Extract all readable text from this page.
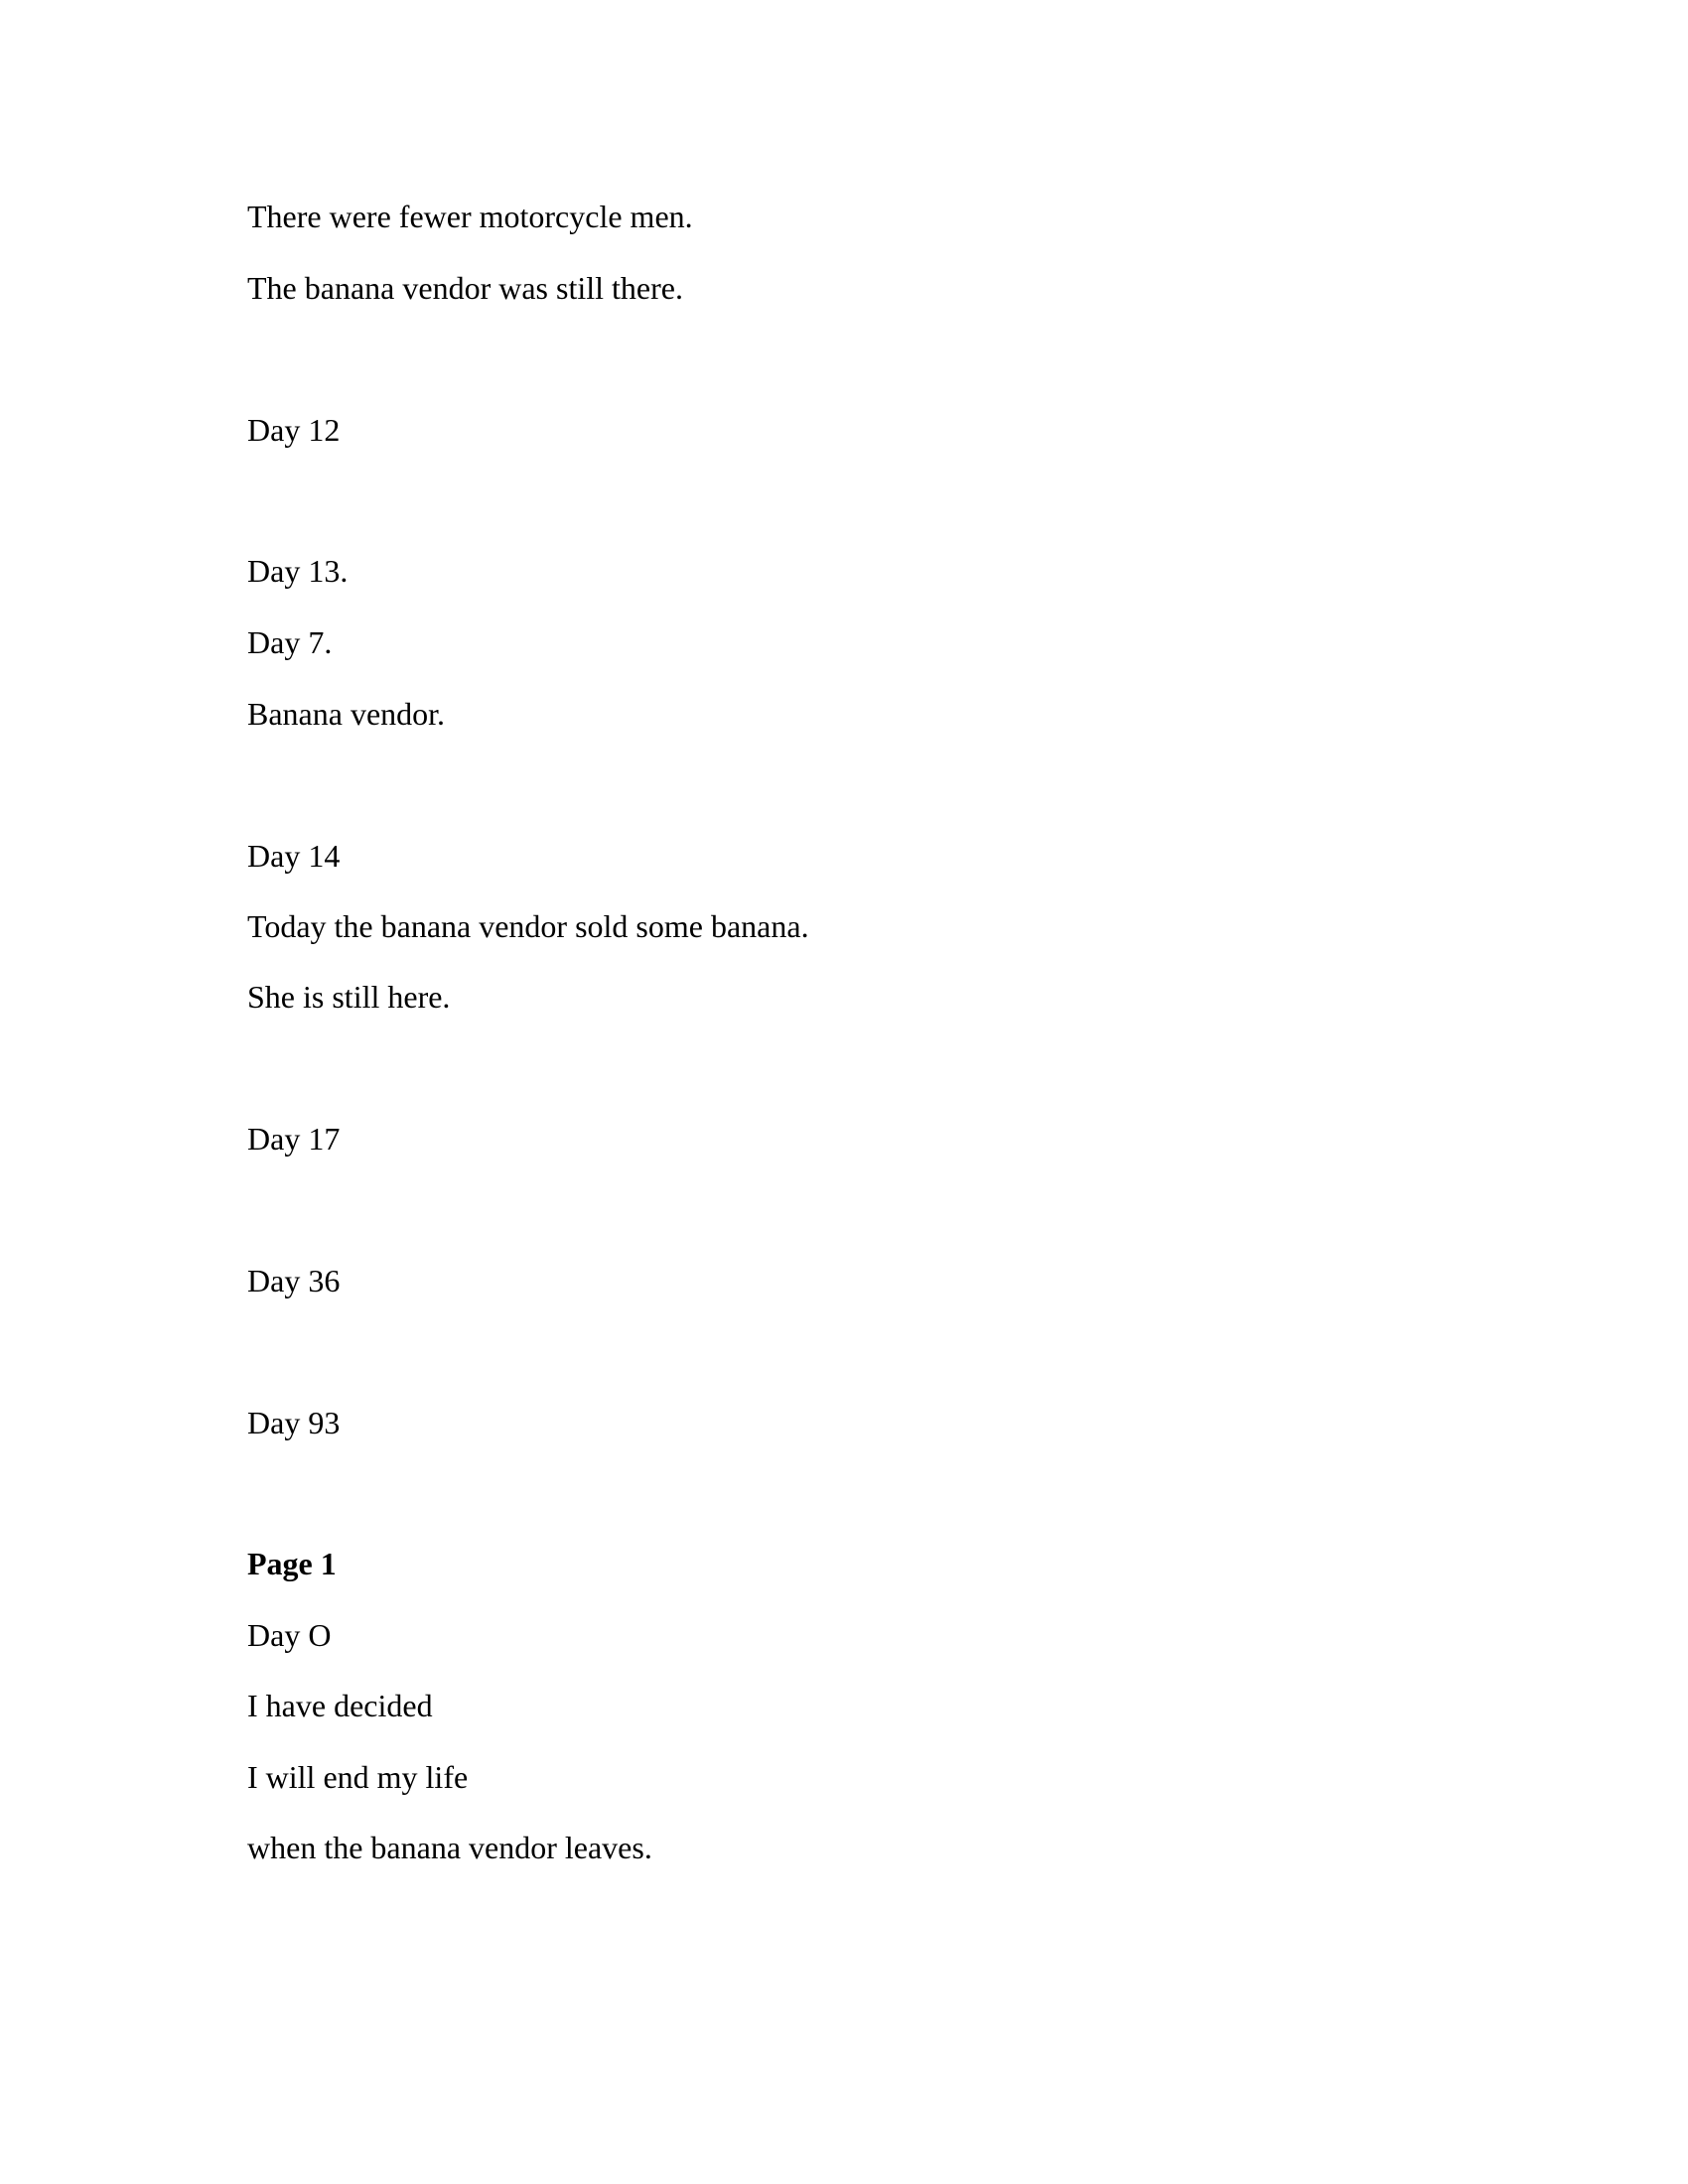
There were fewer motorcycle men.

The banana vendor was still there.

Day 12

Day 13.

Day 7.

Banana vendor.

Day 14

Today the banana vendor sold some banana.

She is still here.

Day 17

Day 36

Day 93

Page 1

Day O

I have decided

I will end my life

when the banana vendor leaves.
